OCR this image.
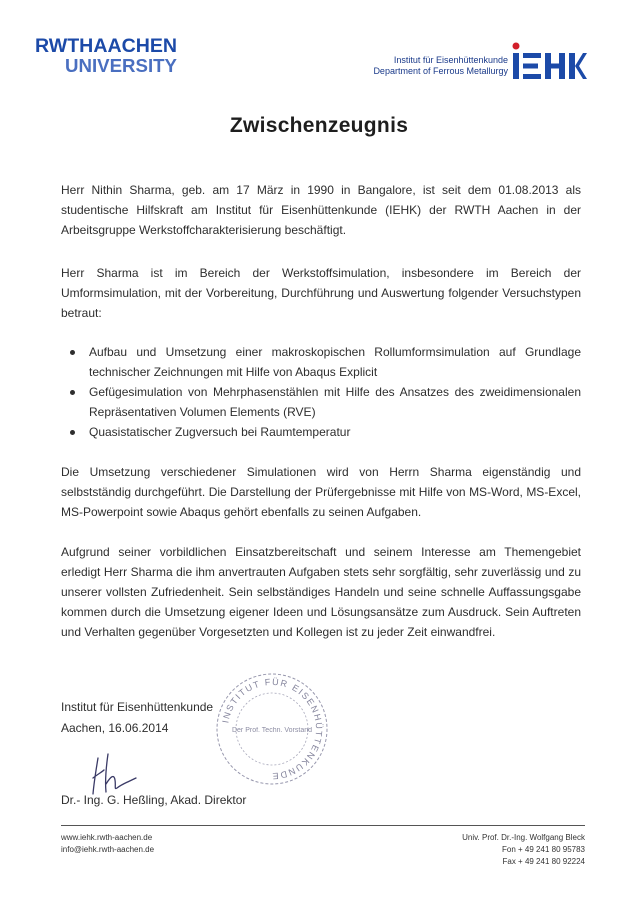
RWTHAACHEN
UNIVERSITY	Institut für Eisenhüttenkunde
Department of Ferrous Metallurgy
Zwischenzeugnis
Herr Nithin Sharma, geb. am 17 März in 1990 in Bangalore, ist seit dem 01.08.2013 als studentische Hilfskraft am Institut für Eisenhüttenkunde (IEHK) der RWTH Aachen in der Arbeitsgruppe Werkstoffcharakterisierung beschäftigt.
Herr Sharma ist im Bereich der Werkstoffsimulation, insbesondere im Bereich der Umformsimulation, mit der Vorbereitung, Durchführung und Auswertung folgender Versuchstypen betraut:
Aufbau und Umsetzung einer makroskopischen Rollumformsimulation auf Grundlage technischer Zeichnungen mit Hilfe von Abaqus Explicit
Gefügesimulation von Mehrphasenstählen mit Hilfe des Ansatzes des zweidimensionalen Repräsentativen Volumen Elements (RVE)
Quasistatischer Zugversuch bei Raumtemperatur
Die Umsetzung verschiedener Simulationen wird von Herrn Sharma eigenständig und selbstständig durchgeführt. Die Darstellung der Prüfergebnisse mit Hilfe von MS-Word, MS-Excel, MS-Powerpoint sowie Abaqus gehört ebenfalls zu seinen Aufgaben.
Aufgrund seiner vorbildlichen Einsatzbereitschaft und seinem Interesse am Themengebiet erledigt Herr Sharma die ihm anvertrauten Aufgaben stets sehr sorgfältig, sehr zuverlässig und zu unserer vollsten Zufriedenheit. Sein selbständiges Handeln und seine schnelle Auffassungsgabe kommen durch die Umsetzung eigener Ideen und Lösungsansätze zum Ausdruck. Sein Auftreten und Verhalten gegenüber Vorgesetzten und Kollegen ist zu jeder Zeit einwandfrei.
Institut für Eisenhüttenkunde
Aachen, 16.06.2014	INSTITUT FÜR EISENHÜTTENKUNDE
Der Prof. Techn. Vorstand
Dr.- Ing. G. Heßling, Akad. Direktor
www.iehk.rwth-aachen.de
info@iehk.rwth-aachen.de
Univ. Prof. Dr.-Ing. Wolfgang Bleck
Fon + 49 241 80 95783
Fax + 49 241 80 92224
